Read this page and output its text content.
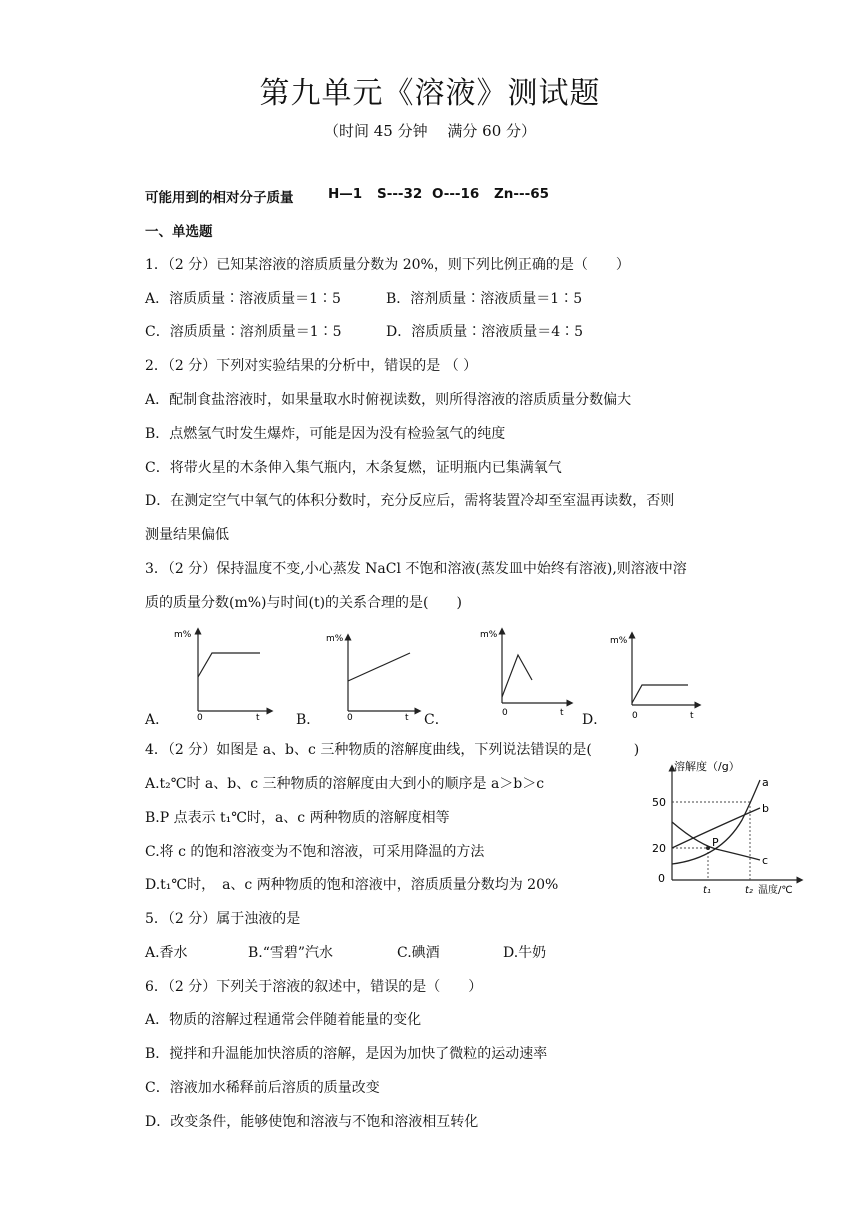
第九单元《溶液》测试题
（时间 45 分钟　 满分 60 分）
可能用到的相对分子质量	H—1 S---32 O---16 Zn---65
一、单选题
1．（2 分）已知某溶液的溶质质量分数为 20%，则下列比例正确的是（　　）
A．溶质质量∶溶液质量＝1∶5	B．溶剂质量∶溶液质量＝1∶5
C．溶质质量∶溶剂质量＝1∶5	D．溶质质量∶溶液质量＝4∶5
2．（2 分）下列对实验结果的分析中，错误的是 （ ）
A．配制食盐溶液时，如果量取水时俯视读数，则所得溶液的溶质质量分数偏大
B．点燃氢气时发生爆炸，可能是因为没有检验氢气的纯度
C．将带火星的木条伸入集气瓶内，木条复燃，证明瓶内已集满氧气
D．在测定空气中氧气的体积分数时，充分反应后，需将装置冷却至室温再读数，否则
测量结果偏低
3．（2 分）保持温度不变,小心蒸发 NaCl 不饱和溶液(蒸发皿中始终有溶液),则溶液中溶
质的质量分数(m%)与时间(t)的关系合理的是(　　)
m%
0	t
m%
0	t
m%
0	t
m%
0	t
A．	B．	C．	D．
4．（2 分）如图是 a、b、c 三种物质的溶解度曲线，下列说法错误的是(　　　)
A.t₂℃时 a、b、c 三种物质的溶解度由大到小的顺序是 a＞b＞c
B.P 点表示 t₁℃时，a、c 两种物质的溶解度相等
C.将 c 的饱和溶液变为不饱和溶液，可采用降温的方法
D.t₁℃时，　a、c 两种物质的饱和溶液中，溶质质量分数均为 20%
溶解度（/g）
50
20
0
t₁	t₂ 温度/℃
a
b
c
P
5．（2 分）属于浊液的是
A.香水	B.“雪碧”汽水	C.碘酒	D.牛奶
6．（2 分）下列关于溶液的叙述中，错误的是（　　）
A．物质的溶解过程通常会伴随着能量的变化
B．搅拌和升温能加快溶质的溶解，是因为加快了微粒的运动速率
C．溶液加水稀释前后溶质的质量改变
D．改变条件，能够使饱和溶液与不饱和溶液相互转化
